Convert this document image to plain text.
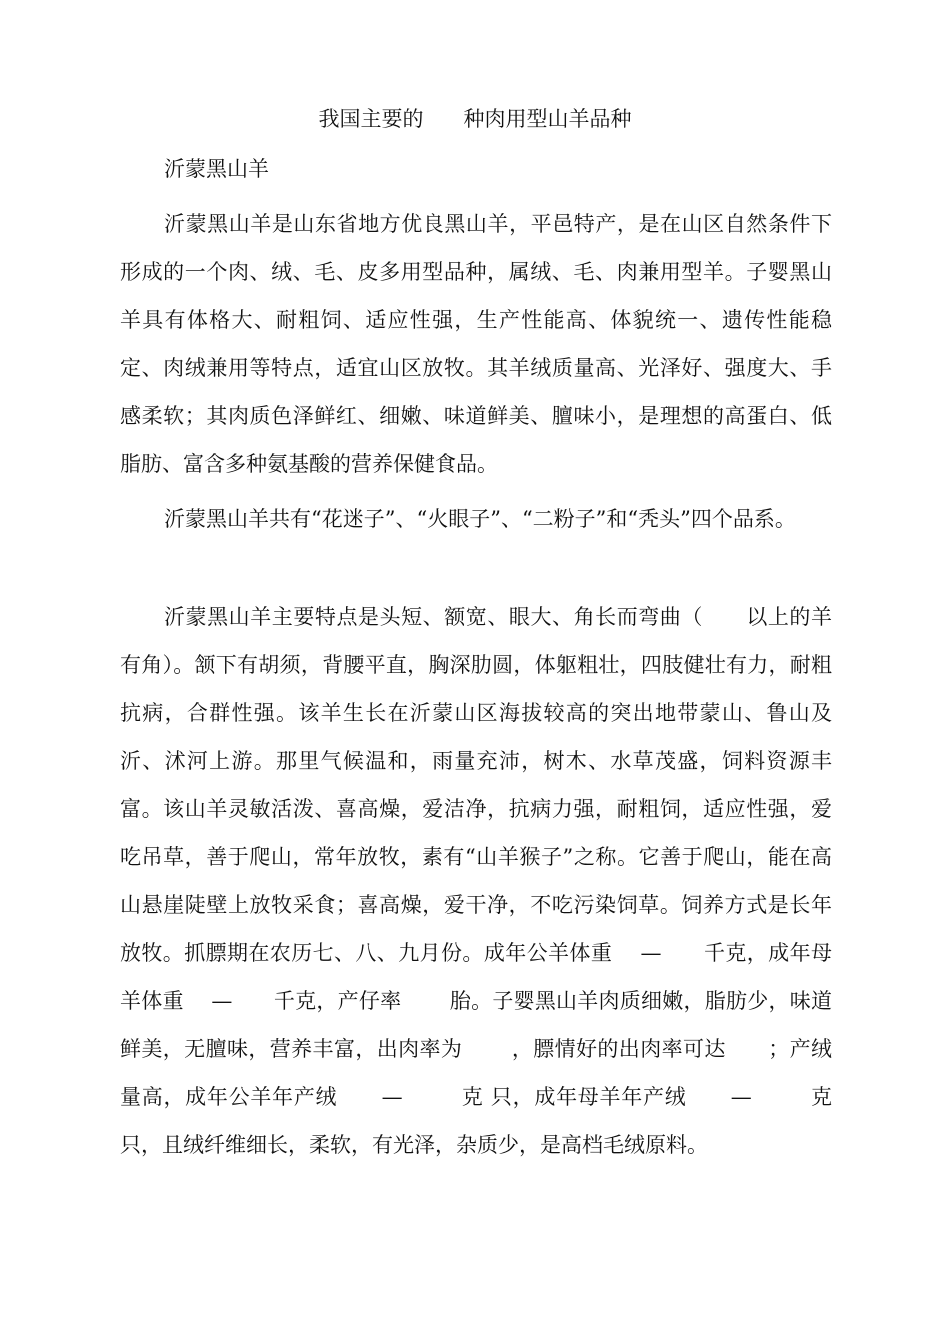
我国主要的      种肉用型山羊品种
沂蒙黑山羊

沂蒙黑山羊是山东省地方优良黑山羊，平邑特产，是在山区自然条件下形成的一个肉、绒、毛、皮多用型品种，属绒、毛、肉兼用型羊。子婴黑山羊具有体格大、耐粗饲、适应性强，生产性能高、体貌统一、遗传性能稳定、肉绒兼用等特点，适宜山区放牧。其羊绒质量高、光泽好、强度大、手感柔软；其肉质色泽鲜红、细嫩、味道鲜美、膻味小，是理想的高蛋白、低脂肪、富含多种氨基酸的营养保健食品。

沂蒙黑山羊共有“花迷子”、“火眼子”、“二粉子”和“秃头”四个品系。

沂蒙黑山羊主要特点是头短、额宽、眼大、角长而弯曲（      以上的羊有角）。颔下有胡须，背腰平直，胸深肋圆，体躯粗壮，四肢健壮有力，耐粗抗病，合群性强。该羊生长在沂蒙山区海拔较高的突出地带蒙山、鲁山及沂、沭河上游。那里气候温和，雨量充沛，树木、水草茂盛，饲料资源丰富。该山羊灵敏活泼、喜高燥，爱洁净，抗病力强，耐粗饲，适应性强，爱吃吊草，善于爬山，常年放牧，素有“山羊猴子”之称。它善于爬山，能在高山悬崖陡壁上放牧采食；喜高燥，爱干净，不吃污染饲草。饲养方式是长年放牧。抓膘期在农历七、八、九月份。成年公羊体重    —      千克，成年母羊体重    —      千克，产仔率       胎。子婴黑山羊肉质细嫩，脂肪少，味道鲜美，无膻味，营养丰富，出肉率为       ，膘情好的出肉率可达      ；产绒量高，成年公羊年产绒      —        克 只，成年母羊年产绒      —        克 只，且绒纤维细长，柔软，有光泽，杂质少，是高档毛绒原料。
